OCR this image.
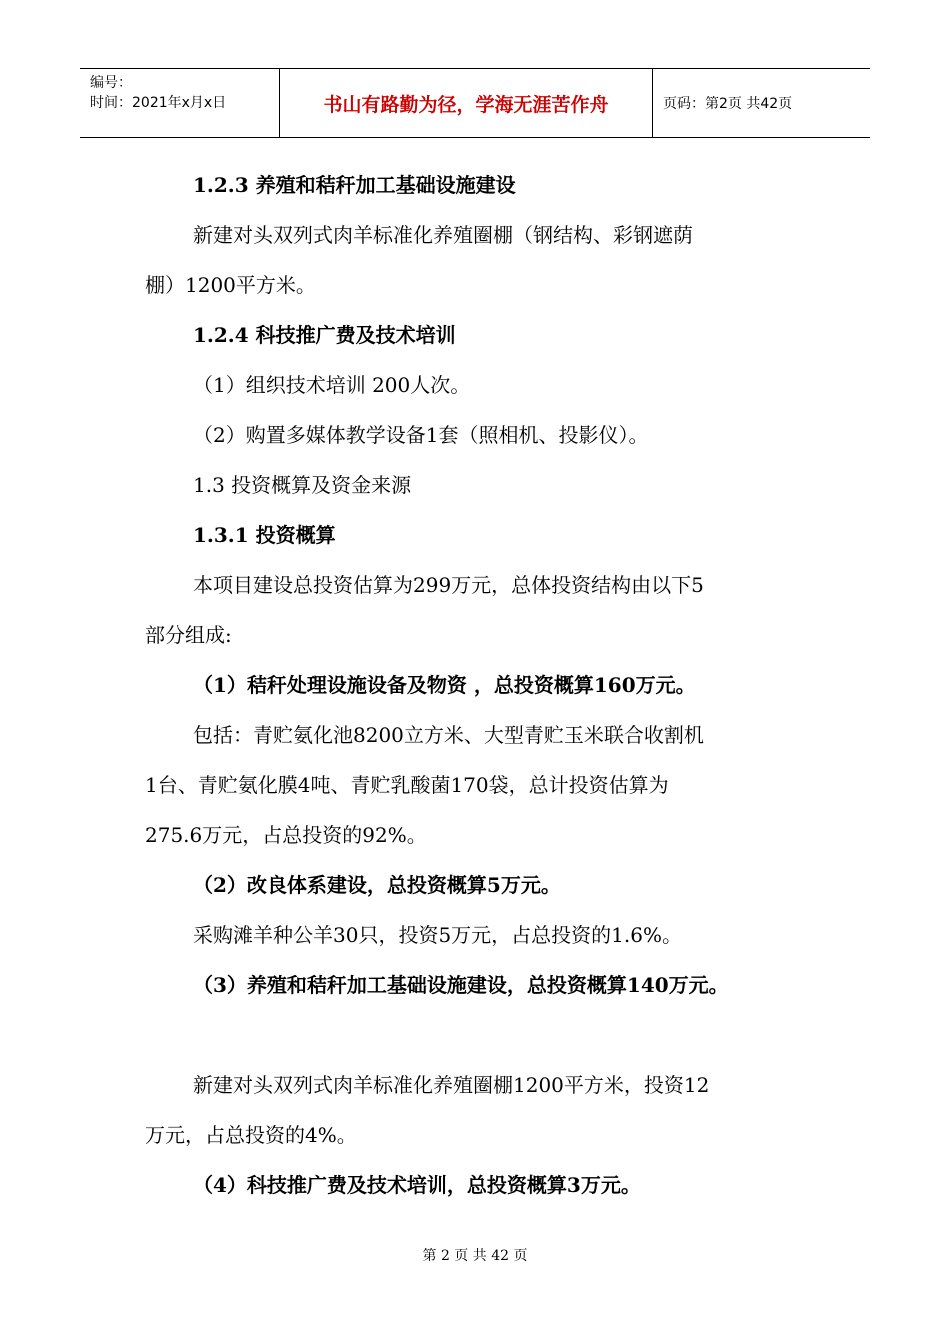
编号：
时间：2021年x月x日	书山有路勤为径，学海无涯苦作舟	页码：第2页 共42页
1.2.3 养殖和秸秆加工基础设施建设
新建对头双列式肉羊标准化养殖圈棚（钢结构、彩钢遮荫
棚）1200平方米。
1.2.4 科技推广费及技术培训
（1）组织技术培训 200人次。
（2）购置多媒体教学设备1套（照相机、投影仪）。
1.3 投资概算及资金来源
1.3.1 投资概算
本项目建设总投资估算为299万元，总体投资结构由以下5
部分组成:
（1）秸秆处理设施设备及物资 ，总投资概算160万元。
包括：青贮氨化池8200立方米、大型青贮玉米联合收割机
1台、青贮氨化膜4吨、青贮乳酸菌170袋，总计投资估算为
275.6万元，占总投资的92%。
（2）改良体系建设，总投资概算5万元。
采购滩羊种公羊30只，投资5万元，占总投资的1.6%。
（3）养殖和秸秆加工基础设施建设，总投资概算140万元。
新建对头双列式肉羊标准化养殖圈棚1200平方米，投资12
万元，占总投资的4%。
（4）科技推广费及技术培训，总投资概算3万元。
第 2 页 共 42 页
